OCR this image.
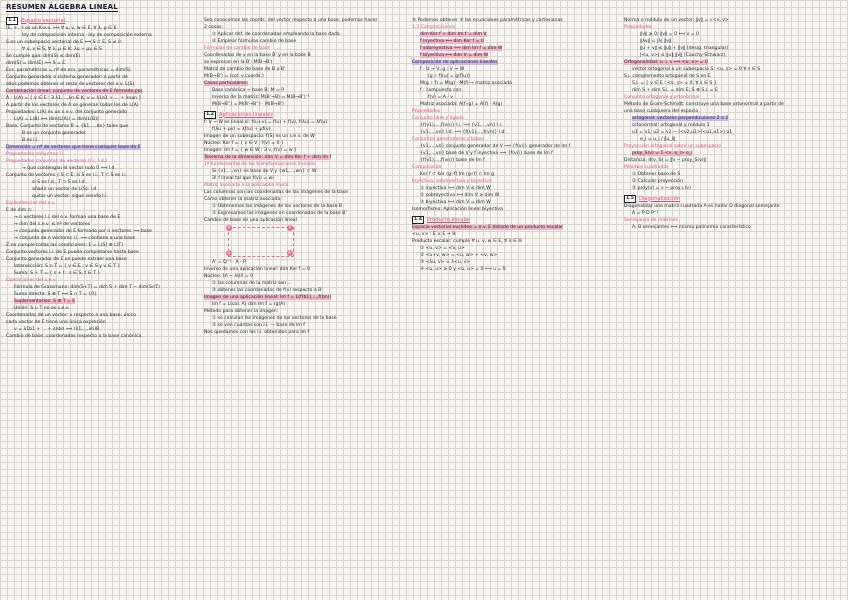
RESUMEN ÁLGEBRA LINEAL
1.1 Espacio vectorial
(E, +, ·) es un K-e.v. ⟺ ∀ u, v, w ∈ E, ∀ λ, μ ∈ K
ley de composición interna · ley de composición externa
S es un subespacio vectorial de E ⟺ S ⊂ E, S ≠ ∅
∀ u, v ∈ S, ∀ λ, μ ∈ K: λu + μv ∈ S
Se cumple que: dim(S) ≤ dim(E)
dim(S) = dim(E) ⟺ S = E
Ecs. paramétricas = nº de ecs. paramétricas = dim(S)
Conjunto generador o sistema generador: a partir de
ellos podemos obtener el resto de vectores del e.v. L(S)
Combinación lineal: conjunto de vectores de E formado por
A : L(A) = { v ∈ E : ∃ λ1,...,λn ∈ K, v = λ1a1 + ... + λnan }
A partir de los vectores de A se generan todos los de L(A)
Propiedades: L(A) es un s.e.v. del conjunto generado
L(A) = L(B) ⟺ dim(L(A)) = dim(L(B))
Base: Conjunto de vectores B = {b1,...,bn} tales que
B es un conjunto generador
B es l.i.
Dimensión = nº de vectores que tiene cualquier base de E
Propiedades conjuntos l.i.
Propiedades conjuntos de vectores (l.i., l.d.)
→ que contengan el vector nulo 0 ⟹ l.d.
Conjunto de vectores { S ⊂ E: si S es l.i., T ⊂ S es l.i.
si S es l.d., T ⊃ S es l.d.
añadir un vector de L(S): l.d.
quitar un vector: sigue siendo l.i.
Equivalencias del e.v.
E de dim n:
→ n vectores l.i. del e.v. forman una base de E
→ dim del s.e.v. ≤ nº de vectores
→ conjunto generador de E formado por n vectores ⟹ base
→ conjunto de n vectores l.i. ⟹ contiene a una base
Z no cumple todas las condiciones: E = L(S) ⊕ L(T)
Conjunto vectores l.i. de E puede completarse hasta base
Conjunto generador de E se puede extraer una base
Intersección: S ∩ T = { v ∈ E : v ∈ S y v ∈ T }
Suma: S + T = { s + t : s ∈ S, t ∈ T }
Operaciones del s.e.v.
Fórmula de Grassmann: dim(S+T) = dim S + dim T − dim(S∩T)
Suma directa: S ⊕ T ⟺ S ∩ T = {0}
Suplementarios: S ⊕ T = E
Unión: S ∪ T no es s.e.v.
Coordenadas de un vector: v respecto a una base: único
cada vector de E tiene una única expresión
v = λ1b1 + ... + λnbn ⟹ (λ1,...,λn)B
Cambio de base: coordenadas respecto a la base canónica
Sea conocemos las coords. del vector respecto a una base, podemos hacer
2 cosas:
① Aplicar def. de coordenadas empleando la base dada
② Emplear fórmulas cambio de base
Fórmulas de cambio de base
Coordenadas de v en la base B' y en la base B
se expresan en la B': M(B→B')
Matriz de cambio de base de B a B'
M(B→B') = (col. v coords.)
Casos particulares:
Base canónica → base B: M = P
Inversa de la matriz: M(B'→B) = M(B→B')⁻¹
M(B→B'') = M(B'→B'') · M(B→B')
1.2 Aplicaciones lineales
f: V → W es lineal si: f(u+v) = f(u) + f(v), f(λu) = λf(u)
f(λu + μv) = λf(u) + μf(v)
Imagen de un subespacio: f(S) es un s.e.v. de W
Núcleo: Ker f = { v ∈ V : f(v) = 0 }
Imagen: Im f = { w ∈ W : ∃ v, f(v) = w }
Teorema de la dimensión: dim V = dim Ker f + dim Im f
1ª fundamental de las transformaciones lineales
Si {v1,...,vn} es base de V y {w1,...,wn} ⊂ W
∃! f lineal tal que f(vi) = wi
Matriz asociada a la aplicación lineal
Las columnas son las coordenadas de las imágenes de la base
Cómo obtener la matriz asociada:
① Obtenemos las imágenes de los vectores de la base B
② Expresamos las imágenes en coordenadas de la base B'
Cambio de base en una aplicación lineal
A	P
Q	A'
A' = Q⁻¹ · A · P
Inverso de una aplicación lineal: dim Ker f = 0
Núcleo: (A − λI)X = 0
① las columnas de la matriz son ...
② obtener las coordenadas de f(v) respecto a B'
Imagen de una aplicación lineal: Im f = L(f(b1),...,f(bn))
Im f = L(col. A) dim Im f = rg(A)
Método para obtener la imagen:
① se calculan las imágenes de los vectores de la base
② se ven cuántas son l.i. — base de Im f
Nos quedamos con los l.i. obtenidos para Im f
⑤ Podemos obtener ⑤ las ecuaciones paramétricas y cartesianas
1.3 Composiciones
dim Ker f + dim Im f = dim V
f inyectiva ⟺ dim Ker f = 0
f sobreyectiva ⟺ dim Im f = dim W
f biyectiva ⟺ dim V = dim W
Composición de aplicaciones lineales
f : U → V, g : V → W
(g ∘ f)(u) = g(f(u))
M(g ∘ f) = M(g) · M(f) → matriz asociada
f : compuesta con
f(v) = A · v
Matriz asociada: A(f∘g) = A(f) · A(g)
Propiedades
Conjunto libre y ligado
{f(v1),...,f(vn)} l.i. ⟹ {v1,...,vn} l.i.
{v1,...,vn} l.d. ⟹ {f(v1),...,f(vn)} l.d.
Conjuntos generadores y bases
{v1,...,vn} conjunto generador de V ⟹ {f(vi)} generador de Im f
{v1,...,vn} base de V y f inyectiva ⟹ {f(vi)} base de Im f
{f(v1),...,f(vn)} base de Im f
Composición
Ker f ⊂ Ker (g∘f) Im (g∘f) ⊂ Im g
Inyectiva, sobreyectiva y biyectiva
① inyectiva ⟺ dim V ≤ dim W
② sobreyectiva ⟺ dim V ≥ dim W
③ biyectiva ⟺ dim V = dim W
Isomorfismo: Aplicación lineal biyectiva
1.4 Producto escalar
Espacio vectorial euclídeo = e.v. E dotado de un producto escalar
<u, v> : E × E → ℝ
Producto escalar: cumple ∀ u, v, w ∈ E, ∀ λ ∈ ℝ
① <u, v> = <v, u>
② <u+v, w> = <u, w> + <v, w>
③ <λu, v> = λ<u, v>
④ <u, u> ≥ 0 y <u, u> = 0 ⟺ u = 0
Norma o módulo de un vector: ‖v‖ = √<v, v>
Propiedades
‖v‖ ≥ 0; ‖v‖ = 0 ⟺ v = 0
‖λv‖ = |λ| ‖v‖
‖u + v‖ ≤ ‖u‖ + ‖v‖ (desig. triangular)
|<u, v>| ≤ ‖u‖ ‖v‖ (Cauchy-Schwarz)
Ortogonalidad: u ⊥ v ⟺ <u, v> = 0
vector ortogonal a un subespacio S: <u, s> = 0 ∀ s ∈ S
S⊥ complemento ortogonal de S en E
S⊥ = { v ∈ E : <v, s> = 0, ∀ s ∈ S }
dim S + dim S⊥ = dim E; S ⊕ S⊥ = E
Conjunto ortogonal y ortonormal
Método de Gram-Schmidt: construye una base ortonormal a partir de
una base cualquiera del espacio
ortogonal: vectores perpendiculares 2 a 2
ortonormal: ortogonal y módulo 1
u1 = v1; u2 = v2 − (<v2,u1>/<u1,u1>) u1
e_i = u_i / ‖u_i‖
Proyección ortogonal sobre un subespacio
proy_S(v) = Σ <v, e_i> e_i
Distancia: d(v, S) = ‖v − proy_S(v)‖
Mínimos cuadrados
① Obtener base de S
② Calcular proyección
③ proy(v) = v − proy⊥(v)
1.5 Diagonalización
Diagonalizar una matriz cuadrada A es hallar D diagonal semejante
A = P D P⁻¹
Semejanza de matrices
A, B semejantes ⟺ mismo polinomio característico
